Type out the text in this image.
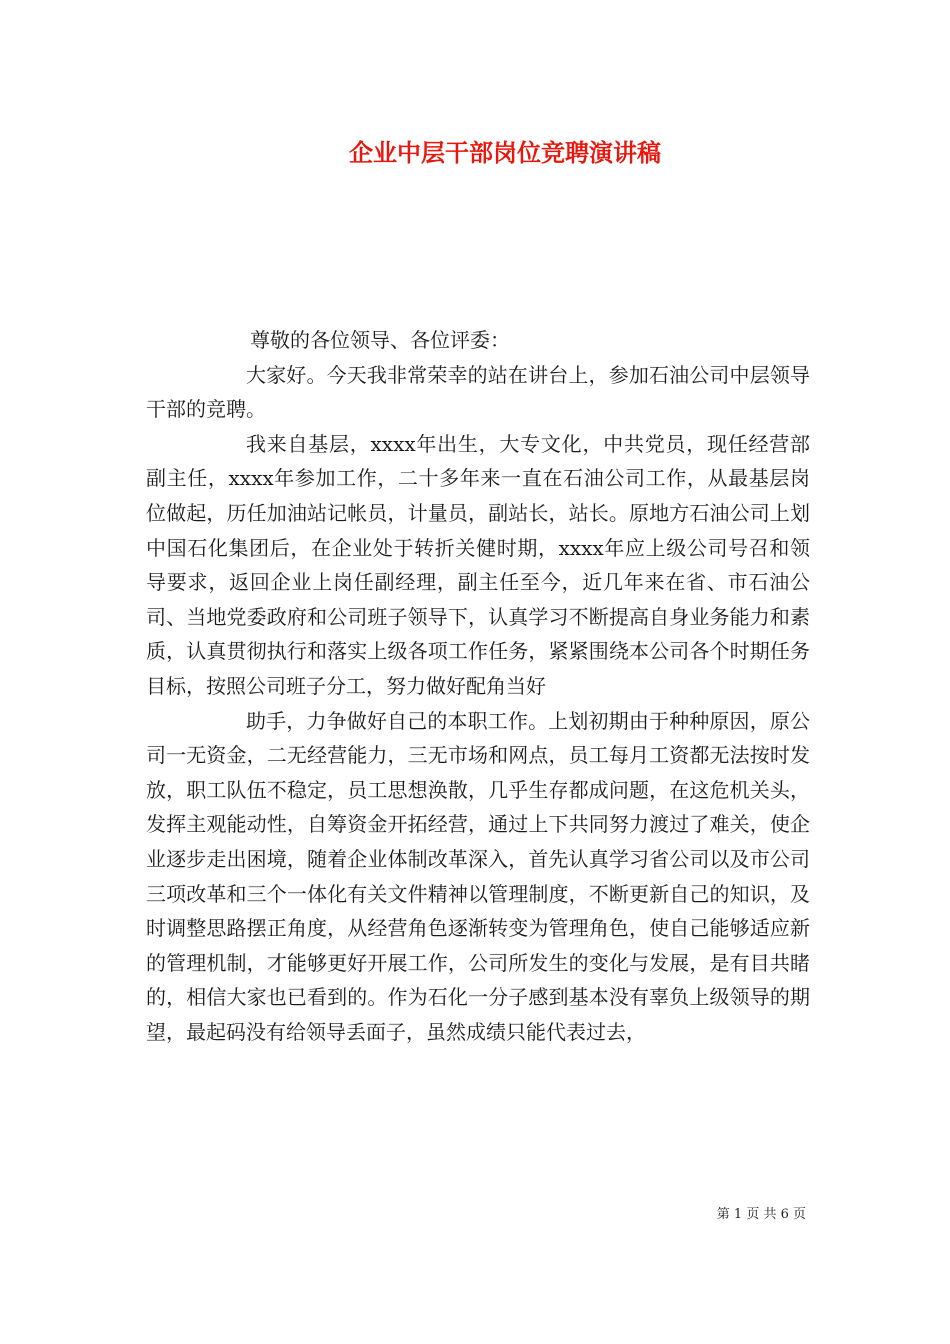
企业中层干部岗位竞聘演讲稿

尊敬的各位领导、各位评委：

大家好。今天我非常荣幸的站在讲台上，参加石油公司中层领导干部的竞聘。

我来自基层，xxxx年出生，大专文化，中共党员，现任经营部副主任，xxxx年参加工作，二十多年来一直在石油公司工作，从最基层岗位做起，历任加油站记帐员，计量员，副站长，站长。原地方石油公司上划中国石化集团后，在企业处于转折关健时期，xxxx年应上级公司号召和领导要求，返回企业上岗任副经理，副主任至今，近几年来在省、市石油公司、当地党委政府和公司班子领导下，认真学习不断提高自身业务能力和素质，认真贯彻执行和落实上级各项工作任务，紧紧围绕本公司各个时期任务目标，按照公司班子分工，努力做好配角当好

助手，力争做好自己的本职工作。上划初期由于种种原因，原公司一无资金，二无经营能力，三无市场和网点，员工每月工资都无法按时发放，职工队伍不稳定，员工思想涣散，几乎生存都成问题，在这危机关头，发挥主观能动性，自筹资金开拓经营，通过上下共同努力渡过了难关，使企业逐步走出困境，随着企业体制改革深入，首先认真学习省公司以及市公司三项改革和三个一体化有关文件精神以管理制度，不断更新自己的知识，及时调整思路摆正角度，从经营角色逐渐转变为管理角色，使自己能够适应新的管理机制，才能够更好开展工作，公司所发生的变化与发展，是有目共睹的，相信大家也已看到的。作为石化一分子感到基本没有辜负上级领导的期望，最起码没有给领导丢面子，虽然成绩只能代表过去，

第 1 页 共 6 页
